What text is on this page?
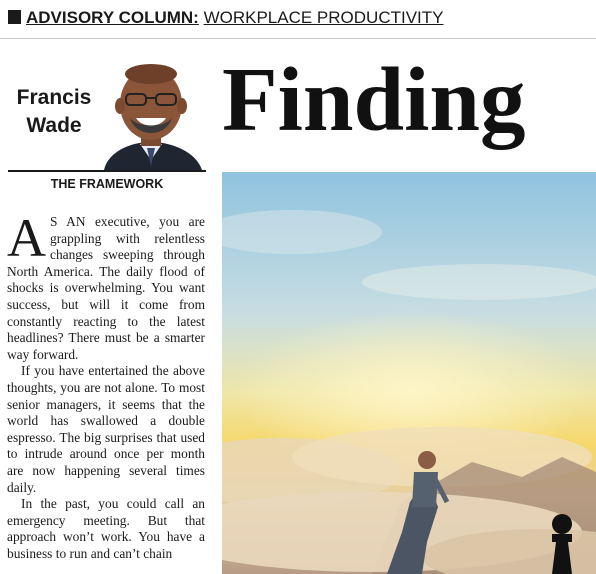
ADVISORY COLUMN: WORKPLACE PRODUCTIVITY
Francis
Wade
THE FRAMEWORK
Finding

A S AN executive, you are grappling with relentless changes sweeping through North America. The daily flood of shocks is overwhelming. You want success, but will it come from constantly reacting to the latest headlines? There must be a smarter way forward.

If you have entertained the above thoughts, you are not alone. To most senior managers, it seems that the world has swallowed a double espresso. The big surprises that used to intrude around once per month are now happening several times daily.

In the past, you could call an emergency meeting. But that approach won’t work. You have a business to run and can’t chain
